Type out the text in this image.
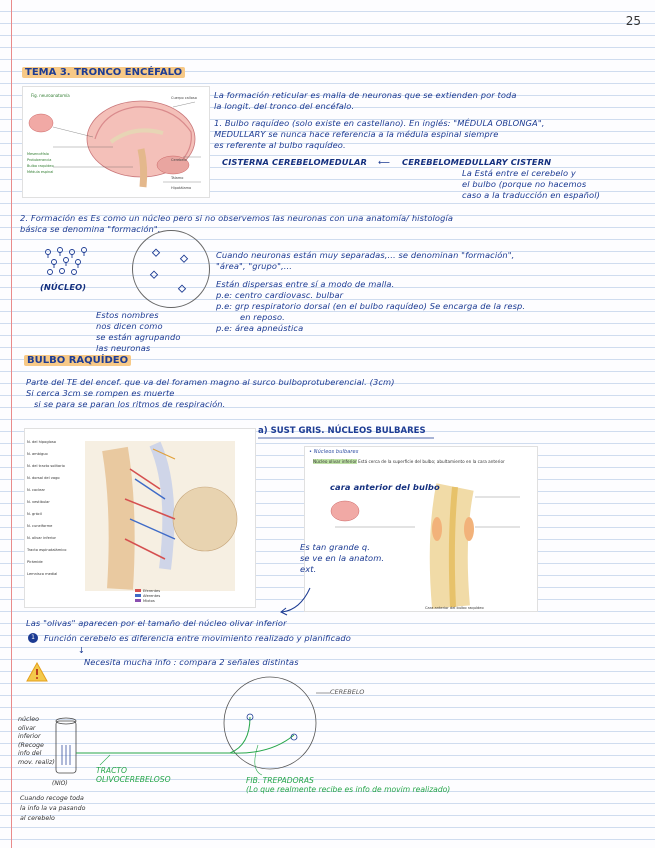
25
TEMA 3. TRONCO ENCÉFALO
Fig. neuroanatomía	Cuerpo calloso
Mesencéfalo
Protuberancia
Bulbo raquídeo
Médula espinal
Cerebelo
Tálamo
Hipotálamo
La formación reticular es malla de neuronas que se extienden por toda
la longit. del tronco del encéfalo.
1. Bulbo raquídeo (solo existe en castellano). En inglés: "MÉDULA OBLONGA",
MEDULLARY se nunca hace referencia a la médula espinal siempre
es referente al bulbo raquídeo.
CISTERNA CEREBELOMEDULAR ⟵ CEREBELOMEDULLARY CISTERN
La Está entre el cerebelo y
el bulbo (porque no hacemos
caso a la traducción en español)
2. Formación es Es como un núcleo pero si no observemos las neuronas con una anatomía/ histología
básica se denomina "formación".
(NÚCLEO)
Cuando neuronas están muy separadas,... se denominan "formación",
"área", "grupo",...
Están dispersas entre sí a modo de malla.
p.e: centro cardiovasc. bulbar
p.e: grp respiratorio dorsal (en el bulbo raquídeo) Se encarga de la resp.
en reposo.
p.e: área apneústica
Estos nombres
nos dicen como
se están agrupando
las neuronas
BULBO RAQUÍDEO
Parte del TE del encef. que va del foramen magno al surco bulboprotuberencial. (3cm)
Si cerca 3cm se rompen es muerte
si se para se paran los ritmos de respiración.
N. del hipogloso
N. ambiguo
N. del tracto solitario
N. dorsal del vago
N. coclear
N. vestibular
N. grácil
N. cuneiforme
N. olivar inferior
Tracto espinotalámico
Pirámide
Lemnisco medial
Eferentes
Aferentes
Mixtos
a) SUST GRIS. NÚCLEOS BULBARES
• Núcleos bulbares
Núcleo olivar inferior Está cerca de la superficie del bulbo; abultamiento en la cara anterior
Cara anterior del bulbo raquídeo
cara anterior del bulbo
Es tan grande q.
se ve en la anatom.
ext.
Las "olivas" aparecen por el tamaño del núcleo olivar inferior
1	Función cerebelo es diferencia entre movimiento realizado y planificado
↓
Necesita mucha info : compara 2 señales distintas
CEREBELO
núcleo
olivar
inferior
(Recoge
info del
mov. realiz)
(NIO)
TRACTO
OLIVOCEREBELOSO	FIB. TREPADORAS
(Lo que realmente recibe es info de movim realizado)
Cuando recoge toda
la info la va pasando
al cerebelo
